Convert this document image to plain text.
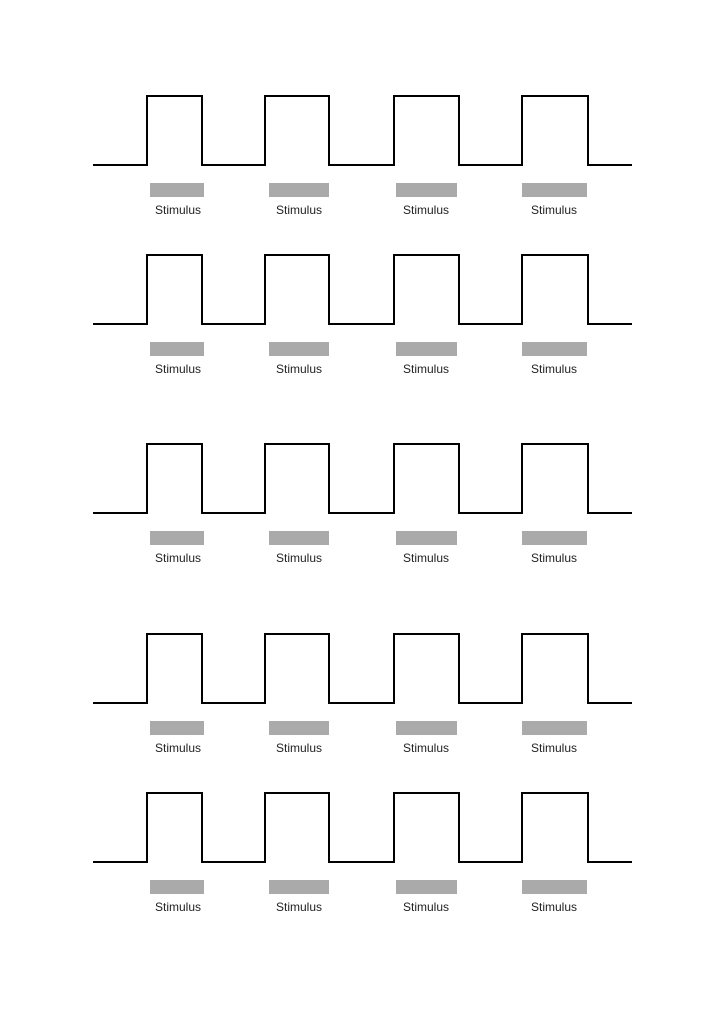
Stimulus	Stimulus	Stimulus	Stimulus
Stimulus	Stimulus	Stimulus	Stimulus
Stimulus	Stimulus	Stimulus	Stimulus
Stimulus	Stimulus	Stimulus	Stimulus
Stimulus	Stimulus	Stimulus	Stimulus
